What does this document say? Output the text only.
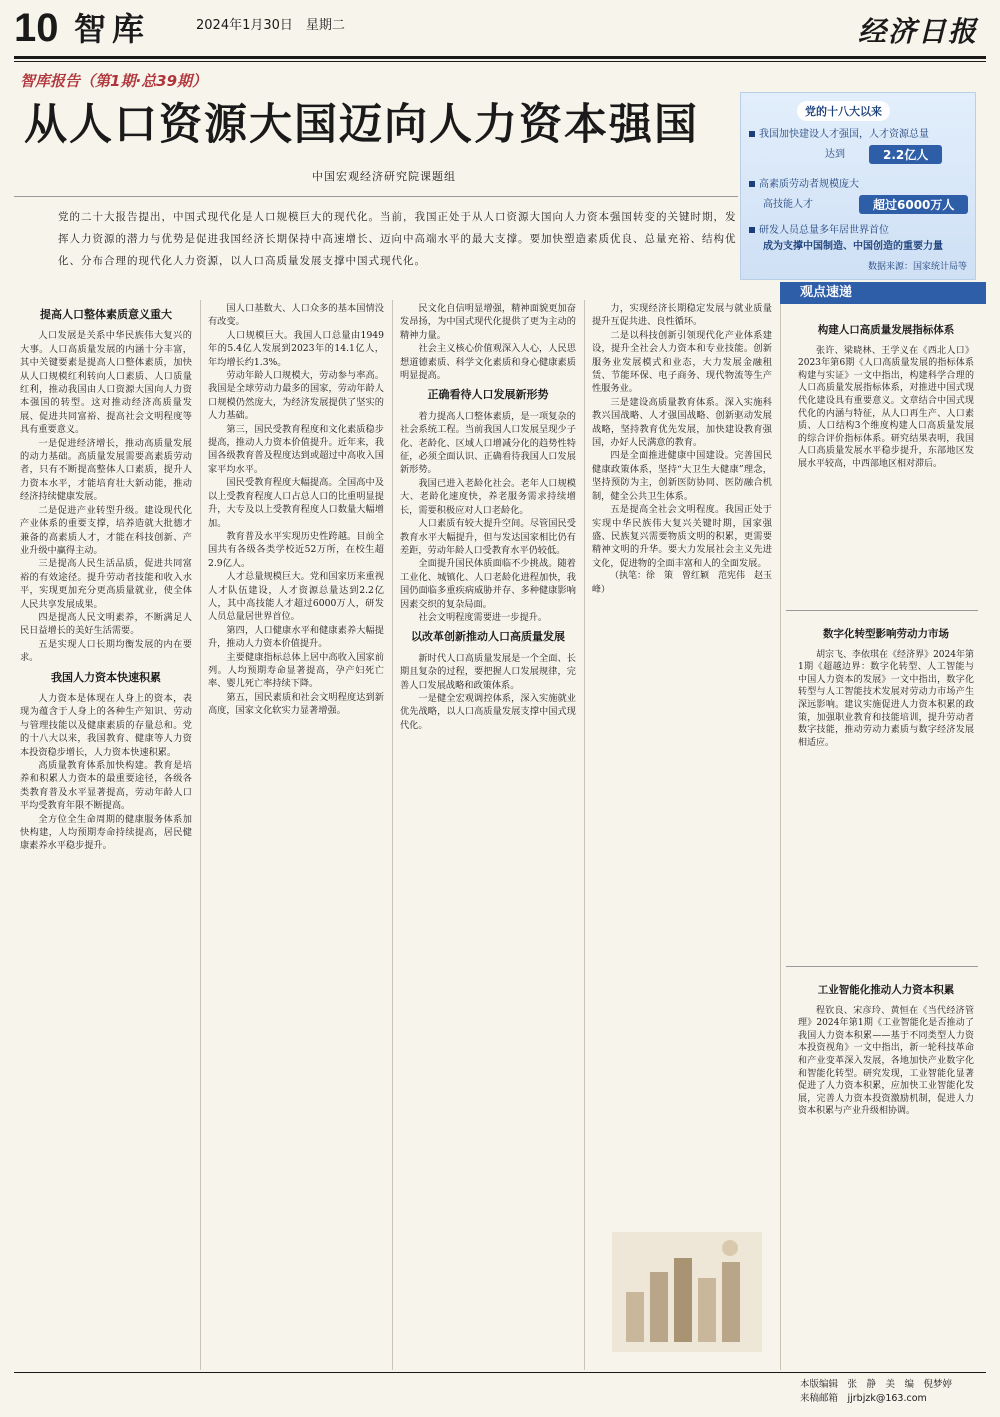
10 智库	2024年1月30日　星期二	经济日报
智库报告（第1期·总39期）
从人口资源大国迈向人力资本强国
中国宏观经济研究院课题组
党的十八大以来
我国加快建设人才强国，人才资源总量
达到	2.2亿人
高素质劳动者规模庞大
高技能人才	超过6000万人
研发人员总量多年居世界首位
成为支撑中国制造、中国创造的重要力量
数据来源：国家统计局等
党的二十大报告提出，中国式现代化是人口规模巨大的现代化。当前，我国正处于从人口资源大国向人力资本强国转变的关键时期，发挥人力资源的潜力与优势是促进我国经济长期保持中高速增长、迈向中高端水平的最大支撑。要加快塑造素质优良、总量充裕、结构优化、分布合理的现代化人力资源，以人口高质量发展支撑中国式现代化。
提高人口整体素质意义重大

人口发展是关系中华民族伟大复兴的大事。人口高质量发展的内涵十分丰富，其中关键要素是提高人口整体素质，加快从人口规模红利转向人口素质、人口质量红利，推动我国由人口资源大国向人力资本强国的转型。这对推动经济高质量发展、促进共同富裕、提高社会文明程度等具有重要意义。

一是促进经济增长，推动高质量发展的动力基础。高质量发展需要高素质劳动者，只有不断提高整体人口素质，提升人力资本水平，才能培育壮大新动能，推动经济持续健康发展。

二是促进产业转型升级。建设现代化产业体系的重要支撑，培养造就大批德才兼备的高素质人才，才能在科技创新、产业升级中赢得主动。

三是提高人民生活品质，促进共同富裕的有效途径。提升劳动者技能和收入水平，实现更加充分更高质量就业，使全体人民共享发展成果。

四是提高人民文明素养，不断满足人民日益增长的美好生活需要。

五是实现人口长期均衡发展的内在要求。

我国人力资本快速积累

人力资本是体现在人身上的资本，表现为蕴含于人身上的各种生产知识、劳动与管理技能以及健康素质的存量总和。党的十八大以来，我国教育、健康等人力资本投资稳步增长，人力资本快速积累。

高质量教育体系加快构建。教育是培养和积累人力资本的最重要途径，各级各类教育普及水平显著提高，劳动年龄人口平均受教育年限不断提高。

全方位全生命周期的健康服务体系加快构建，人均预期寿命持续提高，居民健康素养水平稳步提升。

国人口基数大、人口众多的基本国情没有改变。

人口规模巨大。我国人口总量由1949年的5.4亿人发展到2023年的14.1亿人，年均增长约1.3%。

劳动年龄人口规模大，劳动参与率高。我国是全球劳动力最多的国家，劳动年龄人口规模仍然庞大，为经济发展提供了坚实的人力基础。

第三，国民受教育程度和文化素质稳步提高，推动人力资本价值提升。近年来，我国各级教育普及程度达到或超过中高收入国家平均水平。

国民受教育程度大幅提高。全国高中及以上受教育程度人口占总人口的比重明显提升，大专及以上受教育程度人口数量大幅增加。

教育普及水平实现历史性跨越。目前全国共有各级各类学校近52万所，在校生超2.9亿人。

人才总量规模巨大。党和国家历来重视人才队伍建设，人才资源总量达到2.2亿人，其中高技能人才超过6000万人，研发人员总量居世界首位。

第四，人口健康水平和健康素养大幅提升，推动人力资本价值提升。

主要健康指标总体上居中高收入国家前列。人均预期寿命显著提高，孕产妇死亡率、婴儿死亡率持续下降。

第五，国民素质和社会文明程度达到新高度，国家文化软实力显著增强。

民文化自信明显增强，精神面貌更加奋发昂扬，为中国式现代化提供了更为主动的精神力量。

社会主义核心价值观深入人心，人民思想道德素质、科学文化素质和身心健康素质明显提高。

正确看待人口发展新形势

着力提高人口整体素质，是一项复杂的社会系统工程。当前我国人口发展呈现少子化、老龄化、区域人口增减分化的趋势性特征，必须全面认识、正确看待我国人口发展新形势。

我国已进入老龄化社会。老年人口规模大、老龄化速度快，养老服务需求持续增长，需要积极应对人口老龄化。

人口素质有较大提升空间。尽管国民受教育水平大幅提升，但与发达国家相比仍有差距，劳动年龄人口受教育水平仍较低。

全面提升国民体质面临不少挑战。随着工业化、城镇化、人口老龄化进程加快，我国仍面临多重疾病威胁并存、多种健康影响因素交织的复杂局面。

社会文明程度需要进一步提升。

以改革创新推动人口高质量发展

新时代人口高质量发展是一个全面、长期且复杂的过程，要把握人口发展规律，完善人口发展战略和政策体系。

一是健全宏观调控体系，深入实施就业优先战略，以人口高质量发展支撑中国式现代化。

力，实现经济长期稳定发展与就业质量提升互促共进、良性循环。

二是以科技创新引领现代化产业体系建设，提升全社会人力资本和专业技能。创新服务业发展模式和业态，大力发展金融租赁、节能环保、电子商务、现代物流等生产性服务业。

三是建设高质量教育体系。深入实施科教兴国战略、人才强国战略、创新驱动发展战略，坚持教育优先发展，加快建设教育强国，办好人民满意的教育。

四是全面推进健康中国建设。完善国民健康政策体系，坚持“大卫生大健康”理念，坚持预防为主，创新医防协同、医防融合机制，健全公共卫生体系。

五是提高全社会文明程度。我国正处于实现中华民族伟大复兴关键时期，国家强盛、民族复兴需要物质文明的积累，更需要精神文明的升华。要大力发展社会主义先进文化，促进物的全面丰富和人的全面发展。

（执笔：徐　策　曾红颖　范宪伟　赵玉峰）

观点速递
构建人口高质量发展指标体系

张许、梁晓林、王学义在《西北人口》2023年第6期《人口高质量发展的指标体系构建与实证》一文中指出，构建科学合理的人口高质量发展指标体系，对推进中国式现代化建设具有重要意义。文章结合中国式现代化的内涵与特征，从人口再生产、人口素质、人口结构3个维度构建人口高质量发展的综合评价指标体系。研究结果表明，我国人口高质量发展水平稳步提升，东部地区发展水平较高，中西部地区相对滞后。

数字化转型影响劳动力市场

胡宗飞、李依琪在《经济界》2024年第1期《超越边界：数字化转型、人工智能与中国人力资本的发展》一文中指出，数字化转型与人工智能技术发展对劳动力市场产生深远影响。建议实施促进人力资本积累的政策，加强职业教育和技能培训，提升劳动者数字技能，推动劳动力素质与数字经济发展相适应。

工业智能化推动人力资本积累

程钦良、宋彦玲、黄恒在《当代经济管理》2024年第1期《工业智能化是否推动了我国人力资本积累——基于不同类型人力资本投资视角》一文中指出，新一轮科技革命和产业变革深入发展，各地加快产业数字化和智能化转型。研究发现，工业智能化显著促进了人力资本积累，应加快工业智能化发展，完善人力资本投资激励机制，促进人力资本积累与产业升级相协调。

本版编辑　张　静　美　编　倪梦婷
来稿邮箱　jjrbjzk@163.com
